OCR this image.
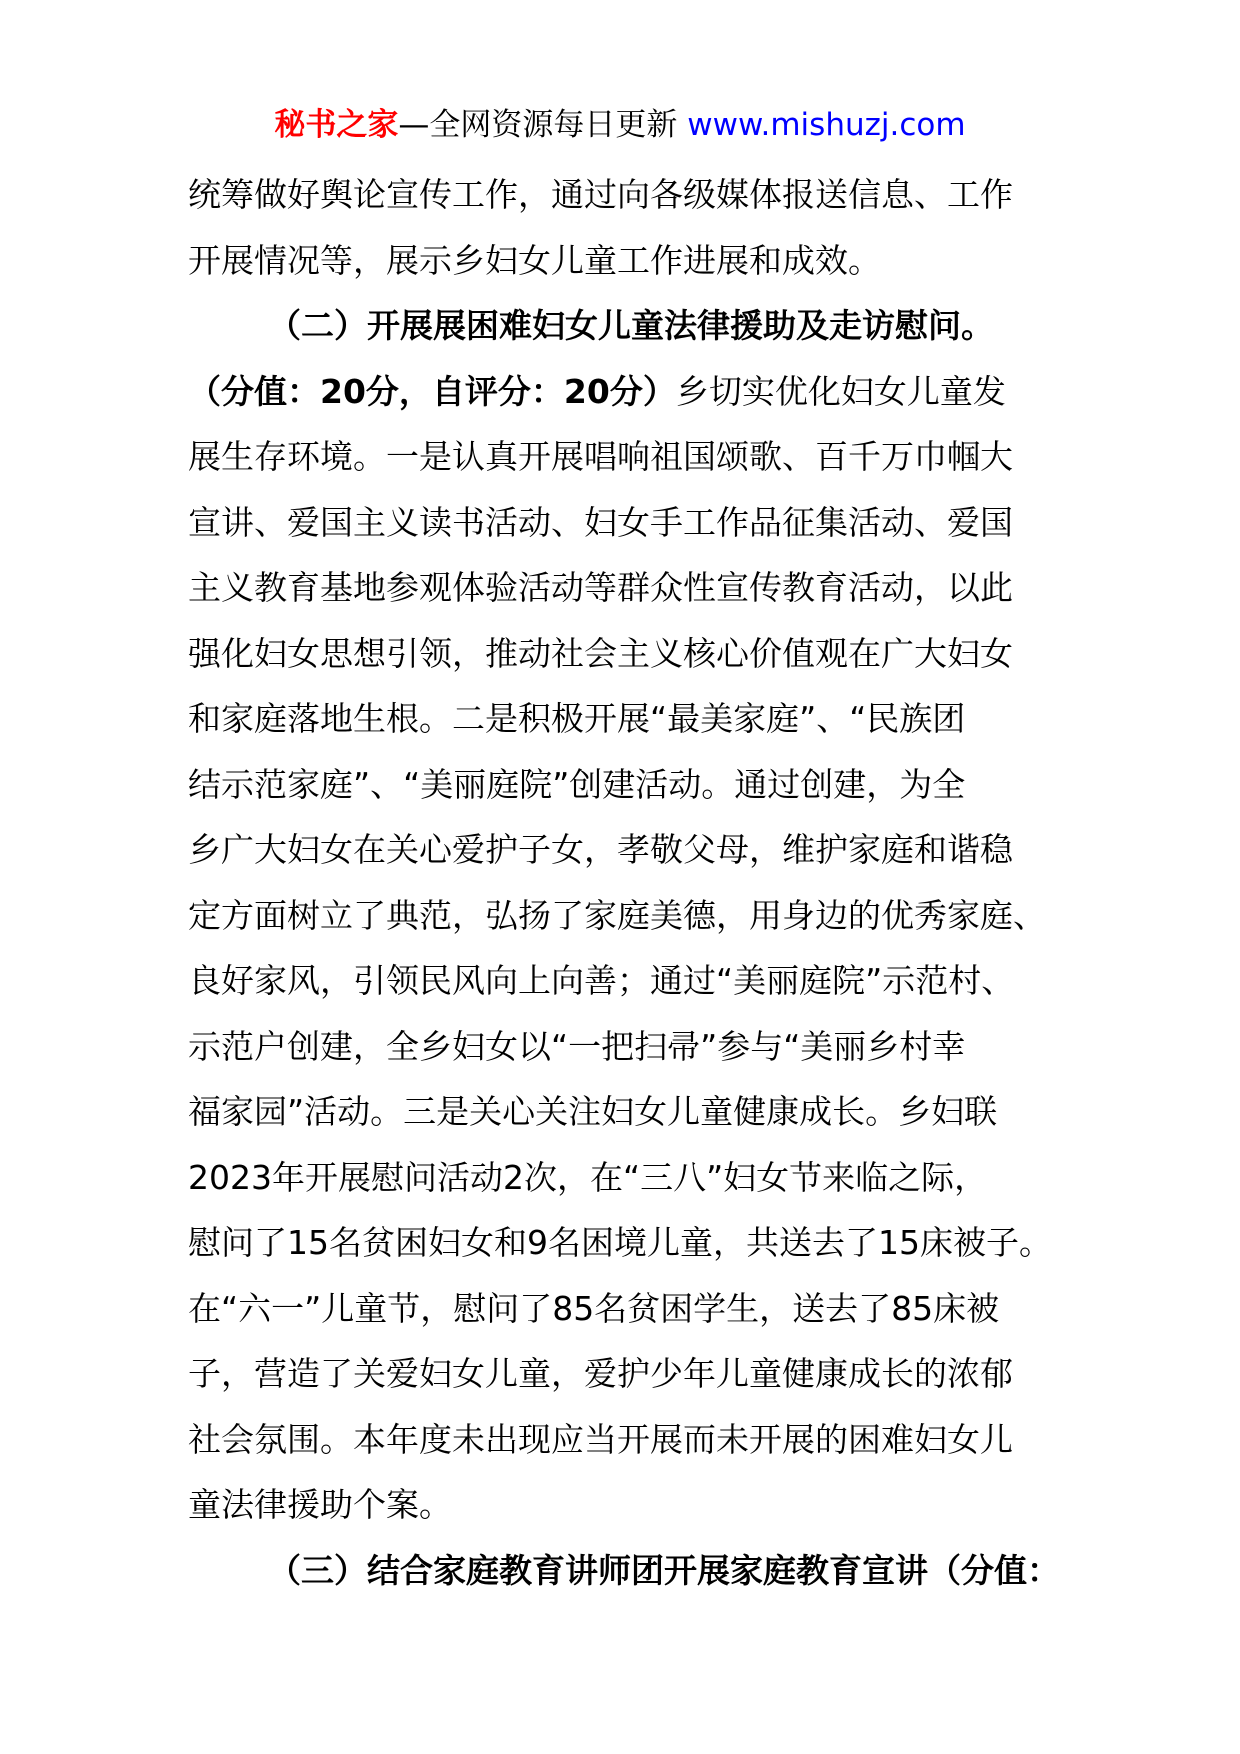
秘书之家—全网资源每日更新 www.mishuzj.com
统筹做好舆论宣传工作，通过向各级媒体报送信息、工作
开展情况等，展示乡妇女儿童工作进展和成效。
（二）开展展困难妇女儿童法律援助及走访慰问。
（分值：20分，自评分：20分）乡切实优化妇女儿童发
展生存环境。一是认真开展唱响祖国颂歌、百千万巾帼大
宣讲、爱国主义读书活动、妇女手工作品征集活动、爱国
主义教育基地参观体验活动等群众性宣传教育活动，以此
强化妇女思想引领，推动社会主义核心价值观在广大妇女
和家庭落地生根。二是积极开展“最美家庭”、“民族团
结示范家庭”、“美丽庭院”创建活动。通过创建，为全
乡广大妇女在关心爱护子女，孝敬父母，维护家庭和谐稳
定方面树立了典范，弘扬了家庭美德，用身边的优秀家庭、
良好家风，引领民风向上向善；通过“美丽庭院”示范村、
示范户创建，全乡妇女以“一把扫帚”参与“美丽乡村幸
福家园”活动。三是关心关注妇女儿童健康成长。乡妇联
2023年开展慰问活动2次，在“三八”妇女节来临之际，
慰问了15名贫困妇女和9名困境儿童，共送去了15床被子。
在“六一”儿童节，慰问了85名贫困学生，送去了85床被
子，营造了关爱妇女儿童，爱护少年儿童健康成长的浓郁
社会氛围。本年度未出现应当开展而未开展的困难妇女儿
童法律援助个案。
（三）结合家庭教育讲师团开展家庭教育宣讲（分值：
